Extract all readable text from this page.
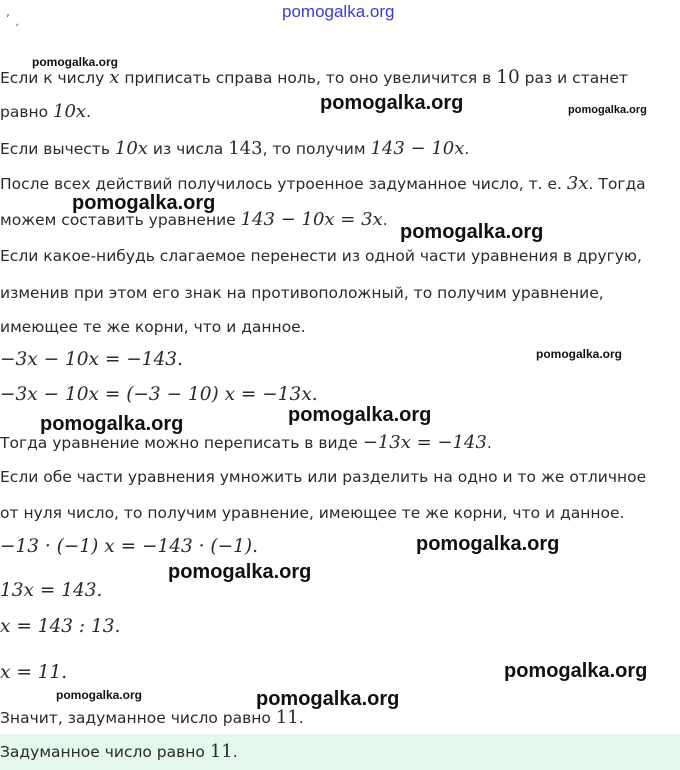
ʼ ˏ	pomogalka.org
Если к числу x приписать справа ноль, то оно увеличится в 10 раз и станет
равно 10x.
Если вычесть 10x из числа 143, то получим 143 − 10x.
После всех действий получилось утроенное задуманное число, т. е. 3x. Тогда
можем составить уравнение 143 − 10x = 3x.
Если какое-нибудь слагаемое перенести из одной части уравнения в другую,
изменив при этом его знак на противоположный, то получим уравнение,
имеющее те же корни, что и данное.
−3x − 10x = −143.
−3x − 10x = (−3 − 10) x = −13x.
Тогда уравнение можно переписать в виде −13x = −143.
Если обе части уравнения умножить или разделить на одно и то же отличное
от нуля число, то получим уравнение, имеющее те же корни, что и данное.
−13 · (−1) x = −143 · (−1).
13x = 143.
x = 143 : 13.
x = 11.
Значит, задуманное число равно 11.
Задуманное число равно 11.
pomogalka.org
pomogalka.org	pomogalka.org
pomogalka.org
pomogalka.org
pomogalka.org
pomogalka.org
pomogalka.org
pomogalka.org
pomogalka.org
pomogalka.org
pomogalka.org	pomogalka.org
